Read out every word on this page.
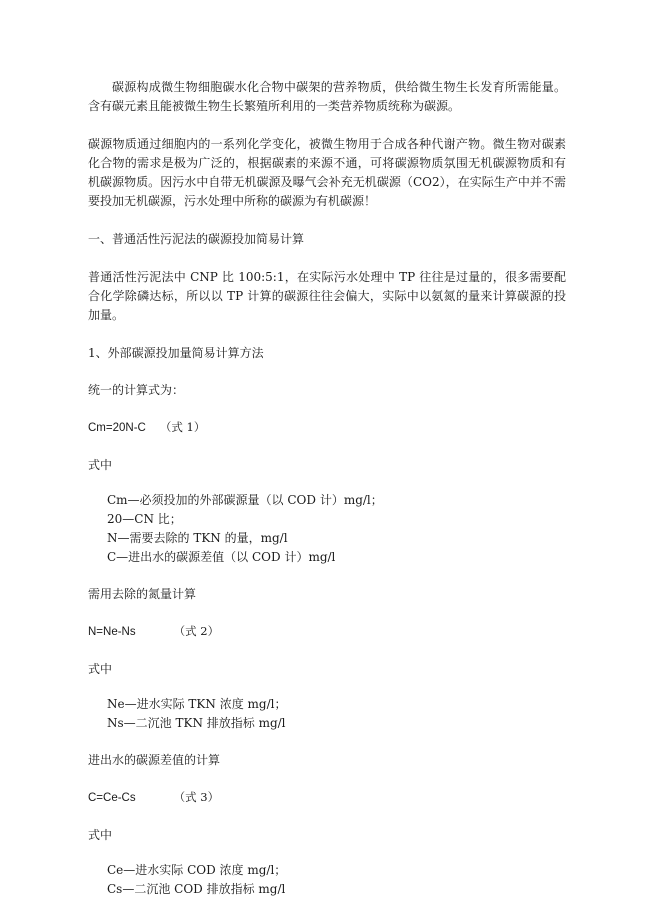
碳源构成微生物细胞碳水化合物中碳架的营养物质，供给微生物生长发育所需能量。含有碳元素且能被微生物生长繁殖所利用的一类营养物质统称为碳源。

碳源物质通过细胞内的一系列化学变化，被微生物用于合成各种代谢产物。微生物对碳素化合物的需求是极为广泛的，根据碳素的来源不通，可将碳源物质氛围无机碳源物质和有机碳源物质。因污水中自带无机碳源及曝气会补充无机碳源（CO2），在实际生产中并不需要投加无机碳源，污水处理中所称的碳源为有机碳源！

一、普通活性污泥法的碳源投加简易计算

普通活性污泥法中 CNP 比 100:5:1，在实际污水处理中 TP 往往是过量的，很多需要配合化学除磷达标，所以以 TP 计算的碳源往往会偏大，实际中以氨氮的量来计算碳源的投加量。

1、外部碳源投加量简易计算方法

统一的计算式为：

Cm=20N-C （式 1）

式中

Cm—必须投加的外部碳源量（以 COD 计）mg/l；

20—CN 比；

N—需要去除的 TKN 的量，mg/l

C—进出水的碳源差值（以 COD 计）mg/l

需用去除的氮量计算

N=Ne-Ns	（式 2）

式中

Ne—进水实际 TKN 浓度 mg/l；

Ns—二沉池 TKN 排放指标 mg/l

进出水的碳源差值的计算

C=Ce-Cs	（式 3）

式中

Ce—进水实际 COD 浓度 mg/l；

Cs—二沉池 COD 排放指标 mg/l
